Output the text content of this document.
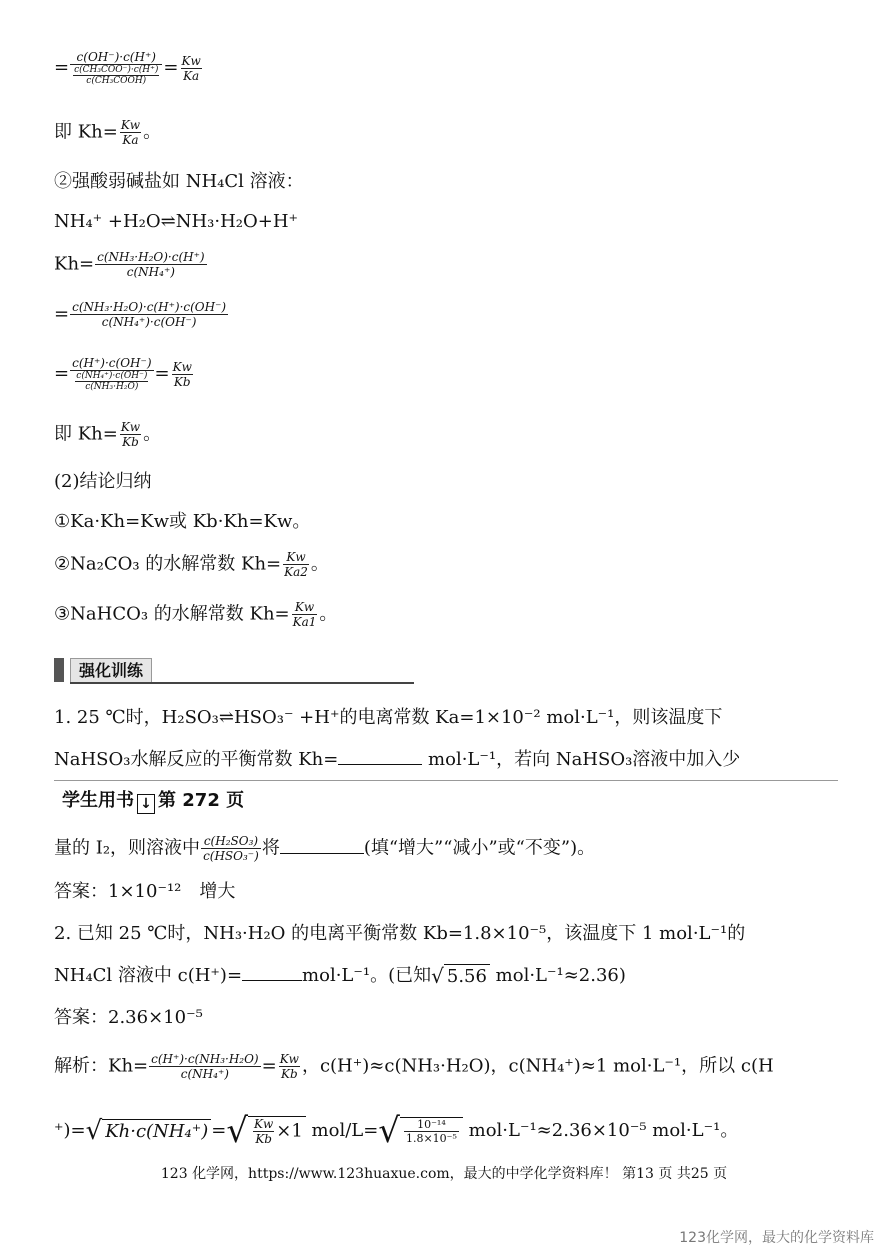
= $\frac{c(OH^-)\cdot c(H^+)}{\frac{\text{c(CH₃COO⁻)·c(H⁺)}}{\text{c(CH₃COOH)}}} = \frac{Kw}{Ka}$
即 $Kh= \frac{Kw}{Ka}$ 。
②强酸弱碱盐如 NH₄Cl 溶液：
NH₄⁺ +H₂O⇌NH₃·H₂O+H⁺
$Kh= \frac{\text{c(NH₃·H₂O)·c(H⁺)}}{\text{c(NH₄⁺)}}$
= $\frac{\text{c(NH₃·H₂O)·c(H⁺)·c(OH⁻)}}{\text{c(NH₄⁺)·c(OH⁻)}}$
= $\frac{c(H^+)\cdot c(OH^-)}{\frac{\text{c(NH₄⁺)·c(OH⁻)}}{\text{c(NH₃·H₂O)}}} = \frac{Kw}{Kb}$
即 $Kh= \frac{Kw}{Kb}$ 。
(2)结论归纳
①Ka·Kh=Kw或 Kb·Kh=Kw。
②Na₂CO₃ 的水解常数 $Kh= \frac{Kw}{Ka2}$ 。
③NaHCO₃ 的水解常数 $Kh= \frac{Kw}{Ka1}$ 。
强化训练
1. 25 ℃时，H₂SO₃⇌HSO₃⁻ +H⁺的电离常数 Ka=1×10⁻² mol·L⁻¹，则该温度下
NaHSO₃水解反应的平衡常数 Kh=	mol·L⁻¹，若向 NaHSO₃溶液中加入少
学生用书 ↓ 第 272 页
量的 I₂，则溶液中 $\frac{\text{c(H₂SO₃)}}{\text{c(HSO₃⁻)}}$ 将	(填“增大”“减小”或“不变”)。
答案：1×10⁻¹²　增大
2. 已知 25 ℃时，NH₃·H₂O 的电离平衡常数 Kb=1.8×10⁻⁵，该温度下 1 mol·L⁻¹的
NH₄Cl 溶液中 c(H⁺)=	mol·L⁻¹。(已知√ 5.56 mol·L⁻¹≈2.36)
答案：2.36×10⁻⁵
解析：$Kh= \frac{\text{c(H⁺)·c(NH₃·H₂O)}}{\text{c(NH₄⁺)}} = \frac{Kw}{Kb}$ ，c(H⁺)≈c(NH₃·H₂O)，c(NH₄⁺)≈1 mol·L⁻¹，所以 c(H
⁺)=√ Kh·c(NH₄⁺) =√ $\frac{Kw}{Kb} \times 1$ $mol/L=√ \frac{\text{10⁻¹⁴}}{\text{1.8×10⁻⁵}} mol\cdot L^{-1}\approx 2.36\times 10^{-5}$ mol·L⁻¹。
123 化学网，https://www.123huaxue.com，最大的中学化学资料库！ 第13 页 共25 页
123化学网，最大的化学资料库
